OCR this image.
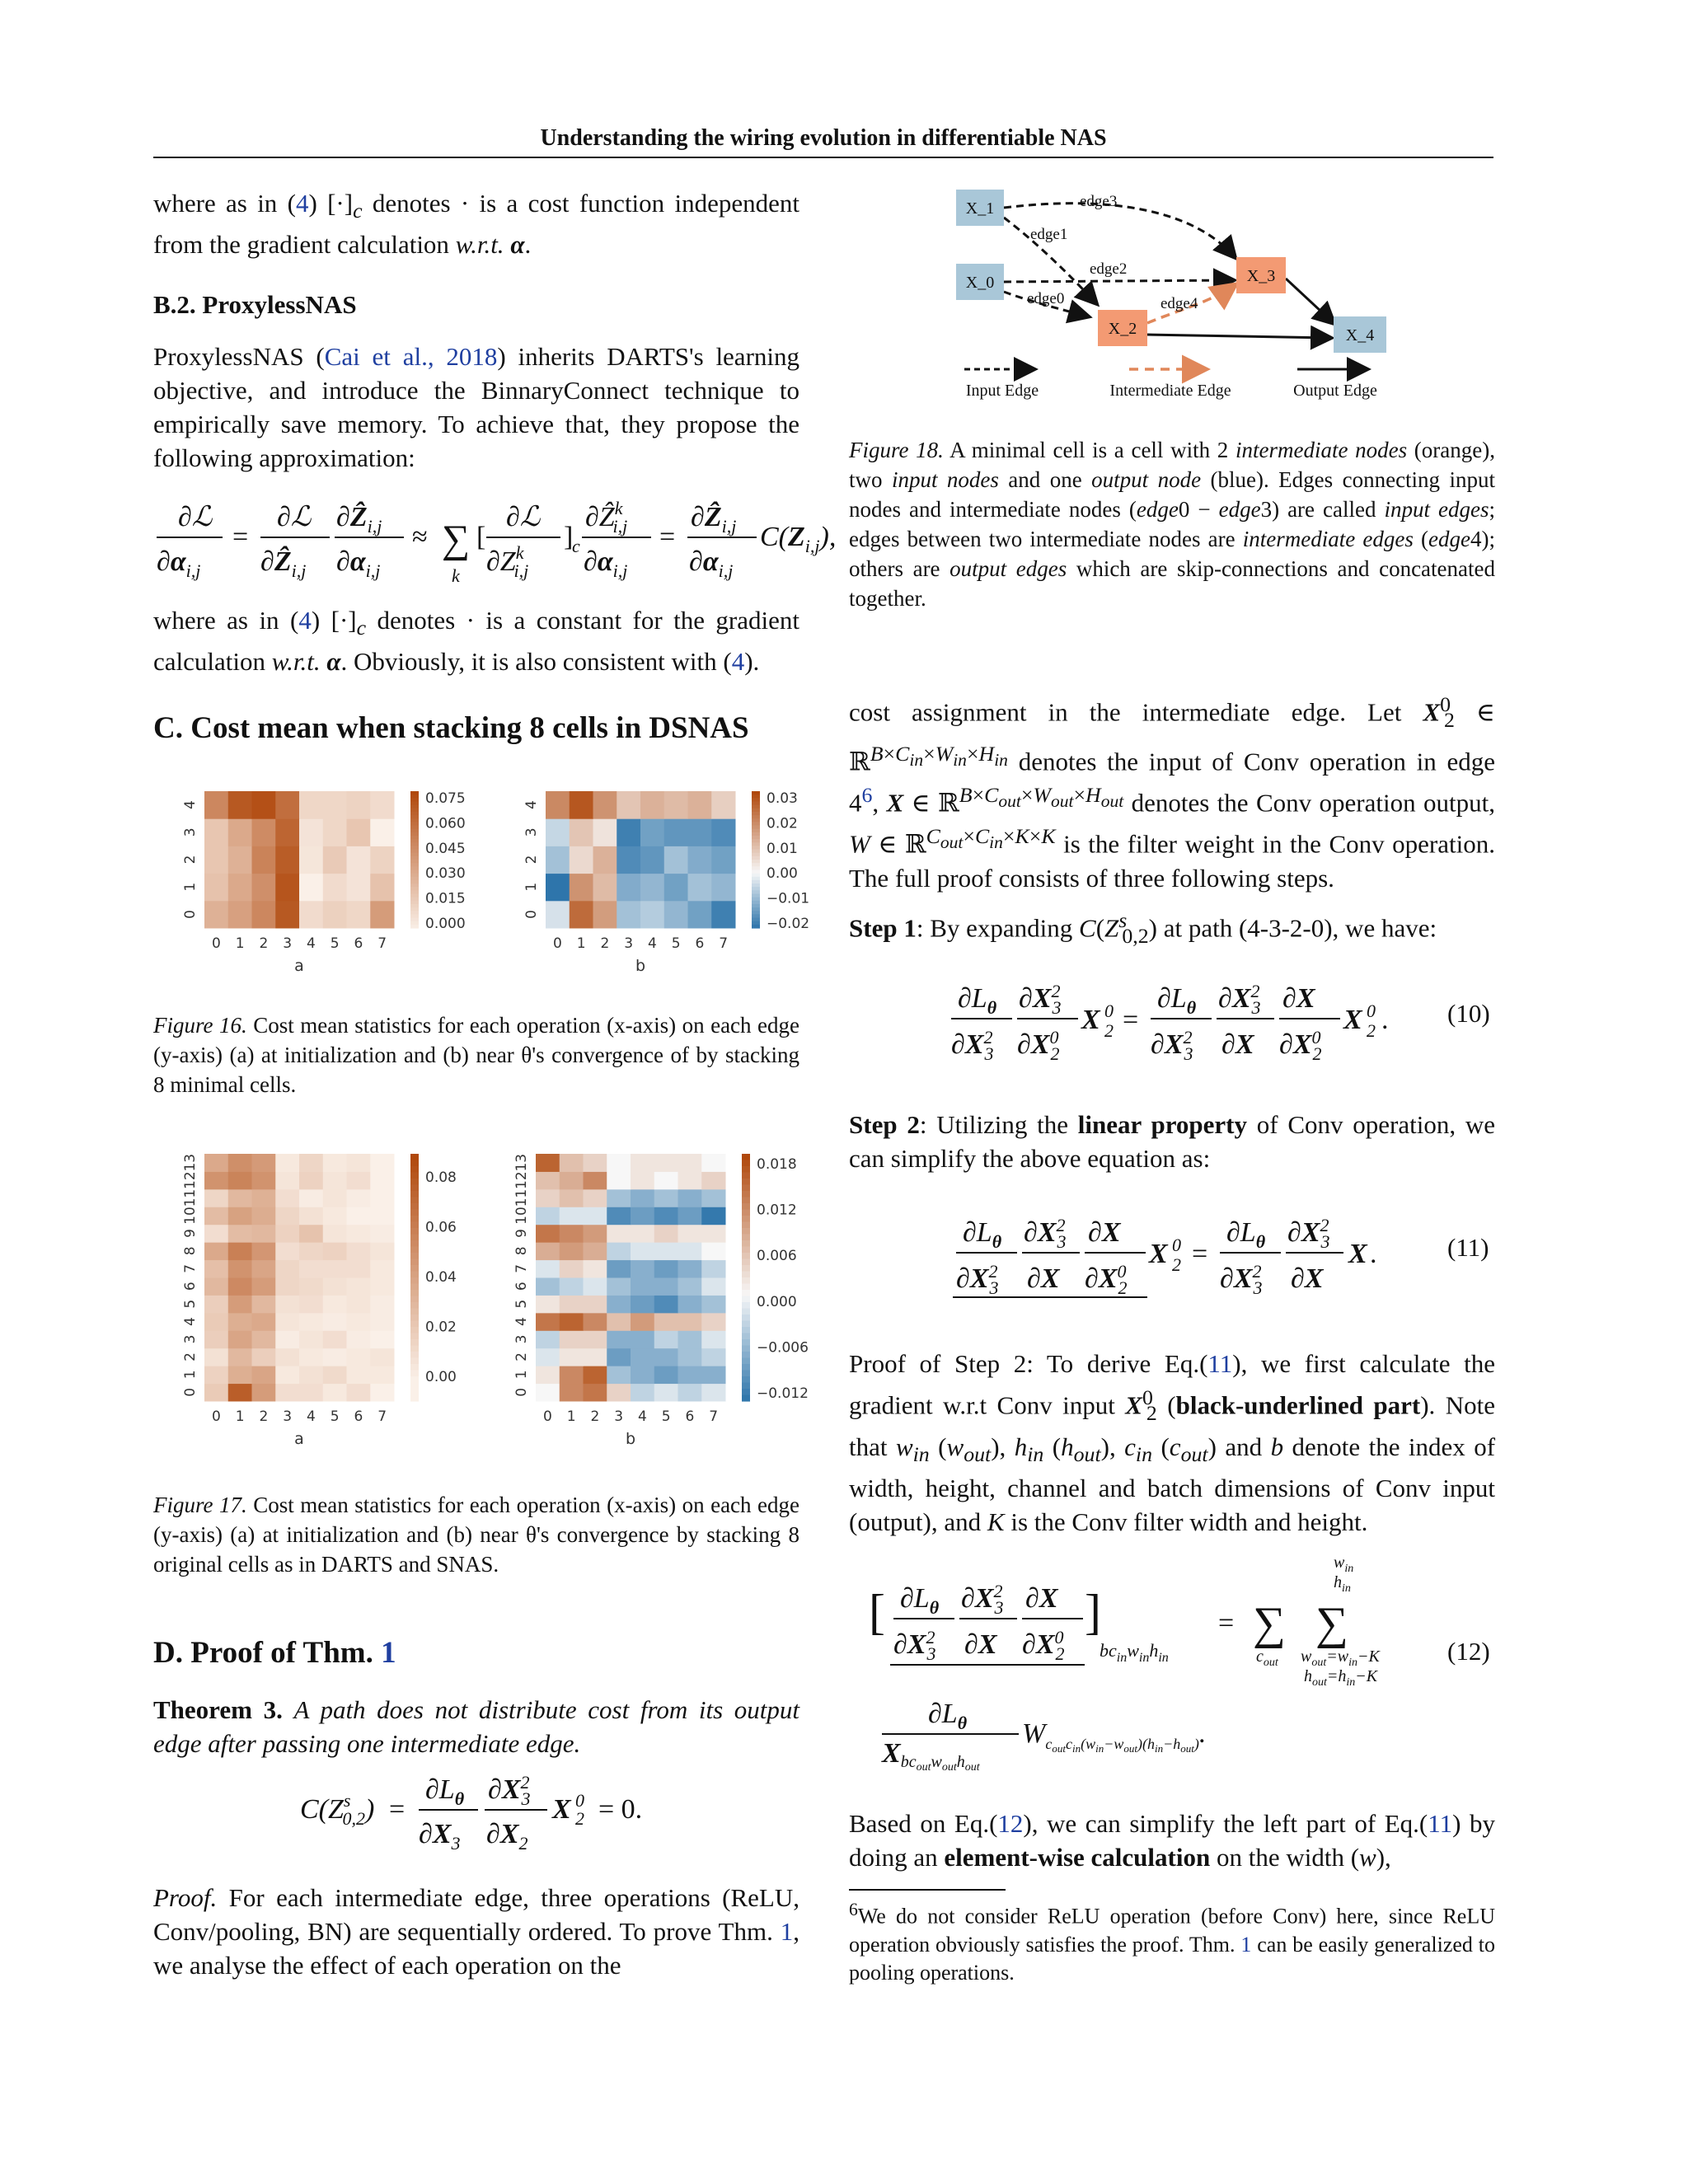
Understanding the wiring evolution in differentiable NAS
where as in (4) $[\cdot]_c$ denotes · is a cost function independent from the gradient calculation w.r.t. α.
B.2. ProxylessNAS
ProxylessNAS (Cai et al., 2018) inherits DARTS's learning objective, and introduce the BinnaryConnect technique to empirically save memory. To achieve that, they propose the following approximation:
∂ℒ
$\partial\alpha_{i,j}$
=
∂ℒ
∂Ẑ$_{i,j}$
∂Ẑ$_{i,j}$
$\partial\alpha_{i,j}$
≈ ∑
k
[
∂ℒ
$\partial Z^k$ i,j
]
c
∂Ẑ$^k$ i,j
$\partial\alpha_{i,j}$
=
∂Ẑ$_{i,j}$
$\partial\alpha_{i,j}$
$C(Z_{i,j})$,
where as in (4) $[\cdot]_c$ denotes · is a constant for the gradient calculation w.r.t. α. Obviously, it is also consistent with (4).
C. Cost mean when stacking 8 cells in DSNAS
0
1
2
3
4
0 1 2 3 4 5 6 7
a
0.075
0.060
0.045
0.030
0.015
0.000
0
1
2
3
4
0 1 2 3 4 5 6 7
b
0.03
0.02
0.01
0.00
−0.01
−0.02
Figure 16. Cost mean statistics for each operation (x-axis) on each edge (y-axis) (a) at initialization and (b) near θ's convergence of by stacking 8 minimal cells.
0
1
2
3
4
5
6
7
8
9
10
11
12
13
0 1 2 3 4 5 6 7
a
0.08
0.06
0.04
0.02
0.00
0
1
2
3
4
5
6
7
8
9
10
11
12
13
0 1 2 3 4 5 6 7
b
0.018
0.012
0.006
0.000
−0.006
−0.012
Figure 17. Cost mean statistics for each operation (x-axis) on each edge (y-axis) (a) at initialization and (b) near θ's convergence by stacking 8 original cells as in DARTS and SNAS.
D. Proof of Thm. 1
Theorem 3. A path does not distribute cost from its output edge after passing one intermediate edge.
$C(Z^s$ 0,2) =
$\partial L_\theta$
$\partial X_3$
$\partial X^2$ 3
$\partial X_2$
X 0
2 = 0.
Proof. For each intermediate edge, three operations (ReLU, Conv/pooling, BN) are sequentially ordered. To prove Thm. 1, we analyse the effect of each operation on the
edge3
edge1
edge2
edge0	edge4
X_1
X_0
X_2
X_3
X_4
Input Edge	Intermediate Edge	Output Edge
Figure 18. A minimal cell is a cell with 2 intermediate nodes (orange), two input nodes and one output node (blue). Edges connecting input nodes and intermediate nodes (edge0 − edge3) are called input edges; edges between two intermediate nodes are intermediate edges (edge4); others are output edges which are skip-connections and concatenated together.
cost assignment in the intermediate edge. Let $X^0_2$ ∈ ℝ$^{B\times C_{in}\times W_{in}\times H_{in}}$ denotes the input of Conv operation in edge $4^6$, X ∈ ℝ$^{B\times C_{out}\times W_{out}\times H_{out}}$ denotes the Conv operation output, W ∈ ℝ$^{C_{out}\times C_{in}\times K\times K}$ is the filter weight in the Conv operation. The full proof consists of three following steps.
Step 1: By expanding $C(Z^s_{0,2})$ at path (4-3-2-0), we have:
$\partial L_\theta$
$\partial X^2$ 3
$\partial X^2$ 3
$\partial X^0$ 2
X 0
2 =
$\partial L_\theta$
$\partial X^2$ 3
$\partial X^2$ 3
∂X
∂X
$\partial X^0$ 2
X 0
2 . (10)
Step 2: Utilizing the linear property of Conv operation, we can simplify the above equation as:
$\partial L_\theta$
$\partial X^2$ 3
$\partial X^2$ 3
∂X
∂X
$\partial X^0$ 2
X 0
2 =
$\partial L_\theta$
$\partial X^2$ 3
$\partial X^2$ 3
∂X
X .	(11)
Proof of Step 2: To derive Eq.(11), we first calculate the gradient w.r.t Conv input $X^0_2$ (black-underlined part). Note that $w_{in}$ $(w_{out})$, $h_{in}$ $(h_{out})$, $c_{in}$ $(c_{out})$ and b denote the index of width, height, channel and batch dimensions of Conv input (output), and K is the Conv filter width and height.
[ $\partial L_\theta$
$\partial X^2$ 3
$\partial X^2$ 3
∂X
∂X
$\partial X^0$ 2
]
$bc_{in}w_{in}h_{in}$
= ∑
$c_{out}$
∑
$w_{in}$
$h_{in}$
$w_{out}=w_{in}-K$
$h_{out}=h_{in}-K$
$\partial L_\theta$
Xbcoutwouthout
$W_coutcin(win-wout)(hin-hout)$.
(12)
Based on Eq.(12), we can simplify the left part of Eq.(11) by doing an element-wise calculation on the width (w),
$^6$We do not consider ReLU operation (before Conv) here, since ReLU operation obviously satisfies the proof. Thm. 1 can be easily generalized to pooling operations.
